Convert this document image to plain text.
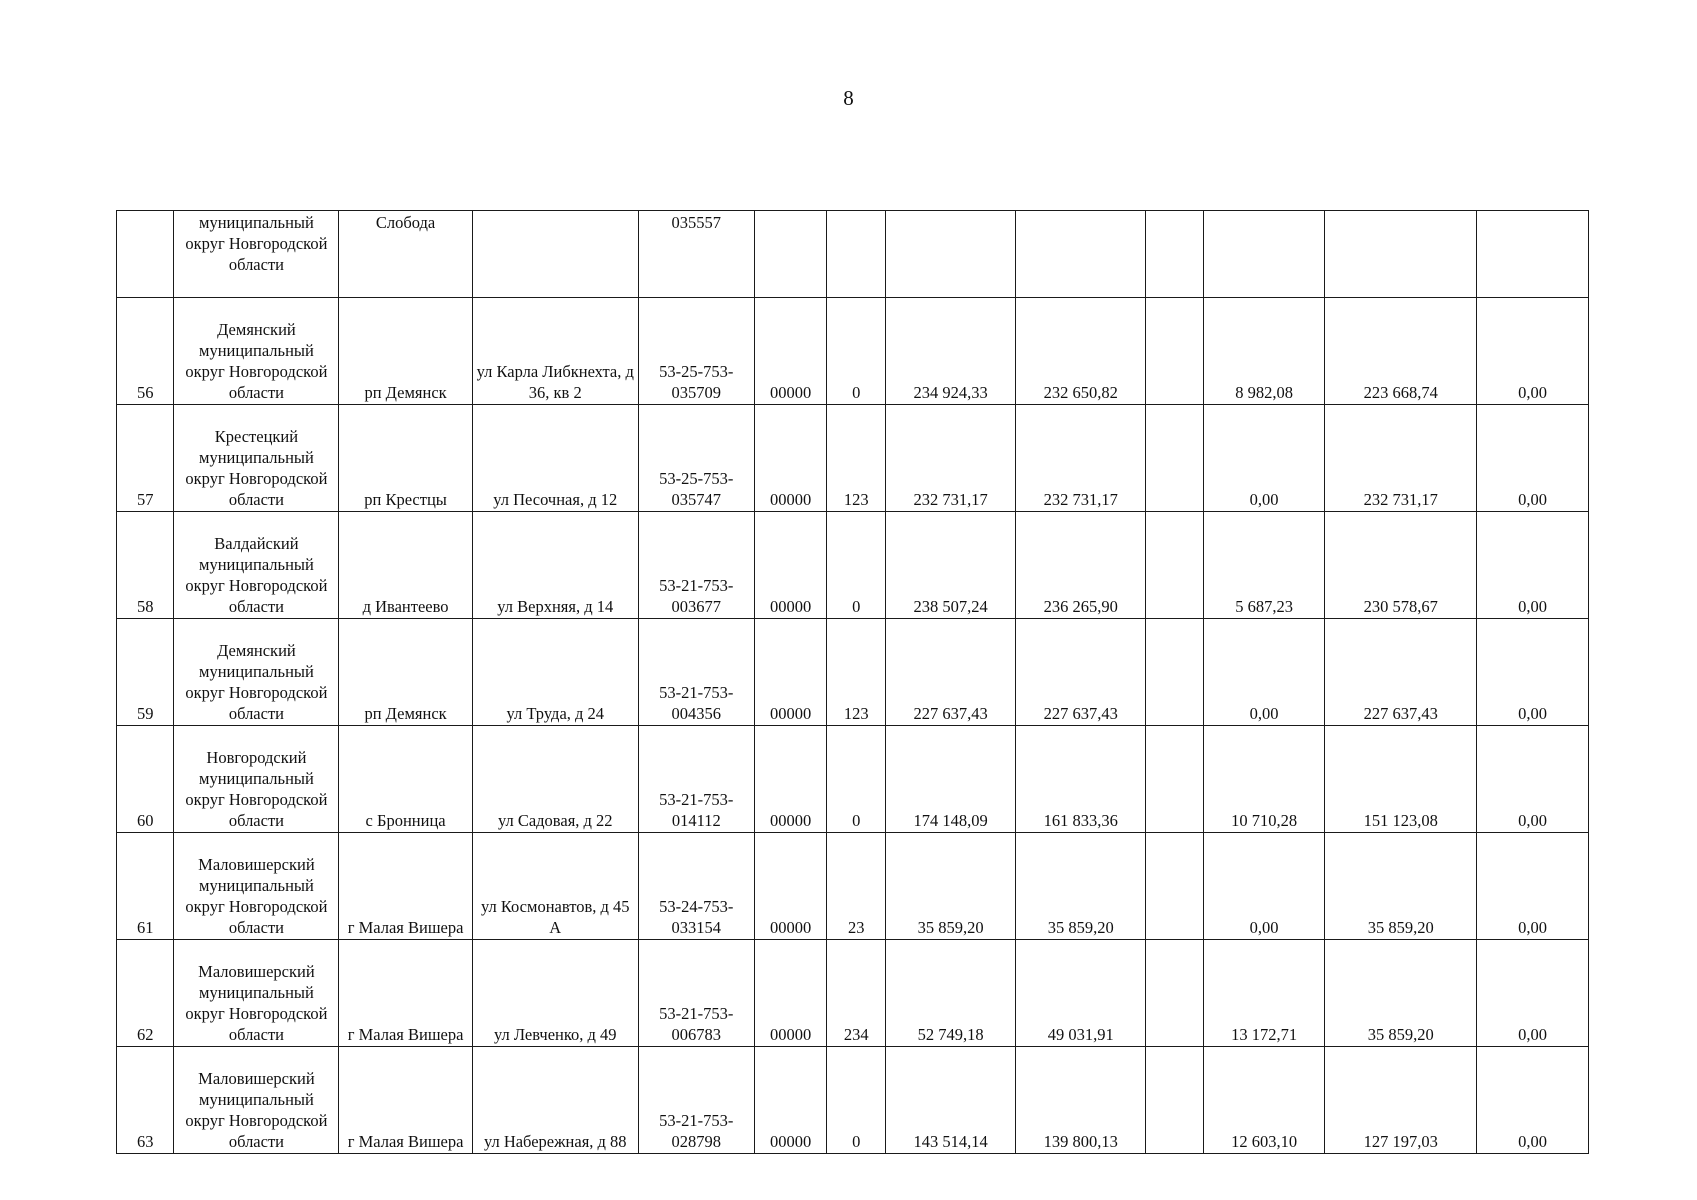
8
	муниципальный округ Новгородской области	Слобода		035557								
56	Демянский муниципальный округ Новгородской области	рп Демянск	ул Карла Либкнехта, д 36, кв 2	53-25-753-035709	00000	0	234 924,33	232 650,82		8 982,08	223 668,74	0,00
57	Крестецкий муниципальный округ Новгородской области	рп Крестцы	ул Песочная, д 12	53-25-753-035747	00000	123	232 731,17	232 731,17		0,00	232 731,17	0,00
58	Валдайский муниципальный округ Новгородской области	д Ивантеево	ул Верхняя, д 14	53-21-753-003677	00000	0	238 507,24	236 265,90		5 687,23	230 578,67	0,00
59	Демянский муниципальный округ Новгородской области	рп Демянск	ул Труда, д 24	53-21-753-004356	00000	123	227 637,43	227 637,43		0,00	227 637,43	0,00
60	Новгородский муниципальный округ Новгородской области	с Бронница	ул Садовая, д 22	53-21-753-014112	00000	0	174 148,09	161 833,36		10 710,28	151 123,08	0,00
61	Маловишерский муниципальный округ Новгородской области	г Малая Вишера	ул Космонавтов, д 45 А	53-24-753-033154	00000	23	35 859,20	35 859,20		0,00	35 859,20	0,00
62	Маловишерский муниципальный округ Новгородской области	г Малая Вишера	ул Левченко, д 49	53-21-753-006783	00000	234	52 749,18	49 031,91		13 172,71	35 859,20	0,00
63	Маловишерский муниципальный округ Новгородской области	г Малая Вишера	ул Набережная, д 88	53-21-753-028798	00000	0	143 514,14	139 800,13		12 603,10	127 197,03	0,00
